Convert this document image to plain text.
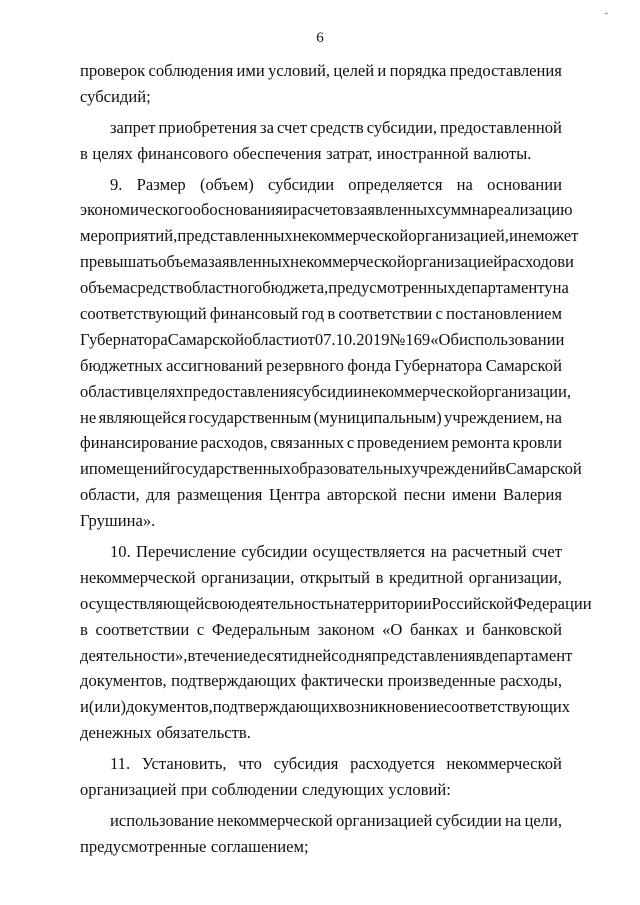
˘
6
проверок соблюдения ими условий, целей и порядка предоставления
субсидий;
запрет приобретения за счет средств субсидии, предоставленной
в целях финансового обеспечения затрат, иностранной валюты.
9. Размер (объем) субсидии определяется на основании
экономического обоснования и расчетов заявленных сумм на реализацию
мероприятий, представленных некоммерческой организацией, и не может
превышать объема заявленных некоммерческой организацией расходов и
объема средств областного бюджета, предусмотренных департаменту на
соответствующий финансовый год в соответствии с постановлением
Губернатора Самарской области от 07.10.2019 № 169 «Об использовании
бюджетных ассигнований резервного фонда Губернатора Самарской
области в целях предоставления субсидии некоммерческой организации,
не являющейся государственным (муниципальным) учреждением, на
финансирование расходов, связанных с проведением ремонта кровли
и помещений государственных образовательных учреждений в Самарской
области, для размещения Центра авторской песни имени Валерия
Грушина».
10. Перечисление субсидии осуществляется на расчетный счет
некоммерческой организации, открытый в кредитной организации,
осуществляющей свою деятельность на территории Российской Федерации
в соответствии с Федеральным законом «О банках и банковской
деятельности», в течение десяти дней со дня представления в департамент
документов, подтверждающих фактически произведенные расходы,
и (или) документов, подтверждающих возникновение соответствующих
денежных обязательств.
11. Установить, что субсидия расходуется некоммерческой
организацией при соблюдении следующих условий:
использование некоммерческой организацией субсидии на цели,
предусмотренные соглашением;
